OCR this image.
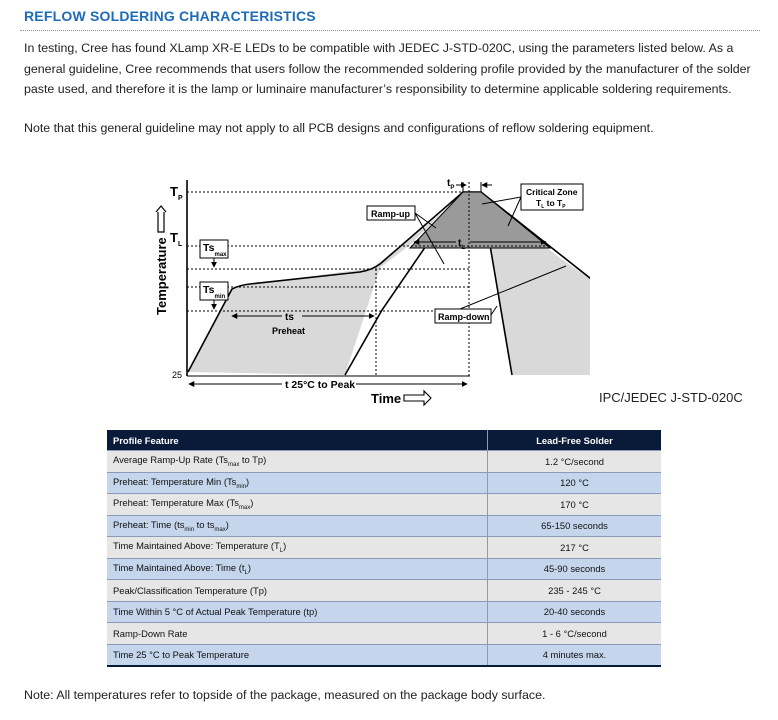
REFLOW SOLDERING CHARACTERISTICS
In testing, Cree has found XLamp XR-E LEDs to be compatible with JEDEC J-STD-020C, using the parameters listed below. As a general guideline, Cree recommends that users follow the recommended soldering profile provided by the manufacturer of the solder paste used, and therefore it is the lamp or luminaire manufacturer’s responsibility to determine applicable soldering requirements.
Note that this general guideline may not apply to all PCB designs and configurations of reflow soldering equipment.
Temperature
$T_P$
$T_L$
25
$Ts_{max}$
$Ts_{min}$
ts
Preheat
$t_L$
$t_P$
Ramp-up
Critical Zone
$T_L$ to $T_P$
Ramp-down
t 25°C to Peak
Time	IPC/JEDEC J-STD-020C
Profile Feature	Lead-Free Solder
Average Ramp-Up Rate ($Ts_{max}$ to Tp)	1.2 °C/second
Preheat: Temperature Min $(Ts_{min})$	120 °C
Preheat: Temperature Max $(Ts_{max})$	170 °C
Preheat: Time ($ts_{min}$ to $ts_{max}$)	65-150 seconds
Time Maintained Above: Temperature $(T_L)$	217 °C
Time Maintained Above: Time $(t_L)$	45-90 seconds
Peak/Classification Temperature (Tp)	235 - 245 °C
Time Within 5 °C of Actual Peak Temperature (tp)	20-40 seconds
Ramp-Down Rate	1 - 6 °C/second
Time 25 °C to Peak Temperature	4 minutes max.
Note: All temperatures refer to topside of the package, measured on the package body surface.
